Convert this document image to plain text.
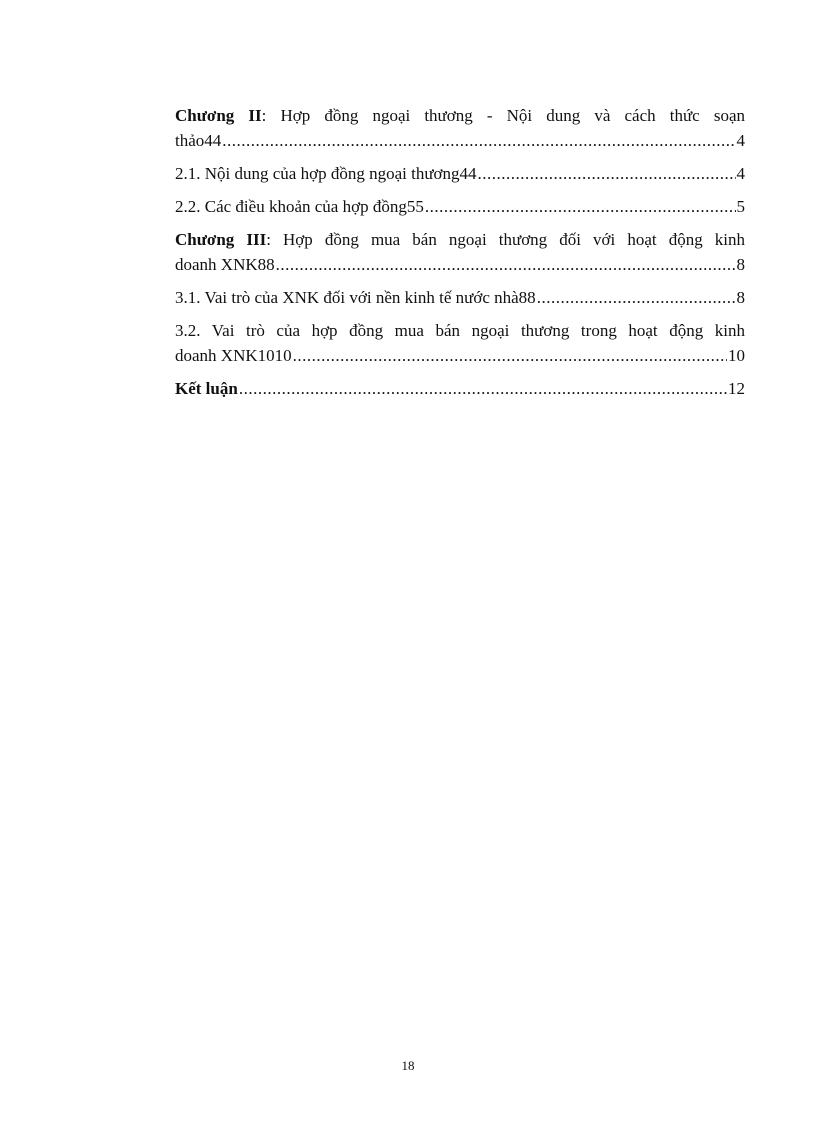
Chương II: Hợp đồng ngoại thương - Nội dung và cách thức soạn
thảo44 .....	4
2.1. Nội dung của hợp đồng ngoại thương44 .....	4
2.2. Các điều khoản của hợp đồng55 .....	5
Chương III: Hợp đồng mua bán ngoại thương đối với hoạt động kinh
doanh XNK88 .....	8
3.1. Vai trò của XNK đối với nền kinh tế nước nhà88 .....	8
3.2. Vai trò của hợp đồng mua bán ngoại thương trong hoạt động kinh
doanh XNK1010 .....	10
Kết luận .....	12
18
